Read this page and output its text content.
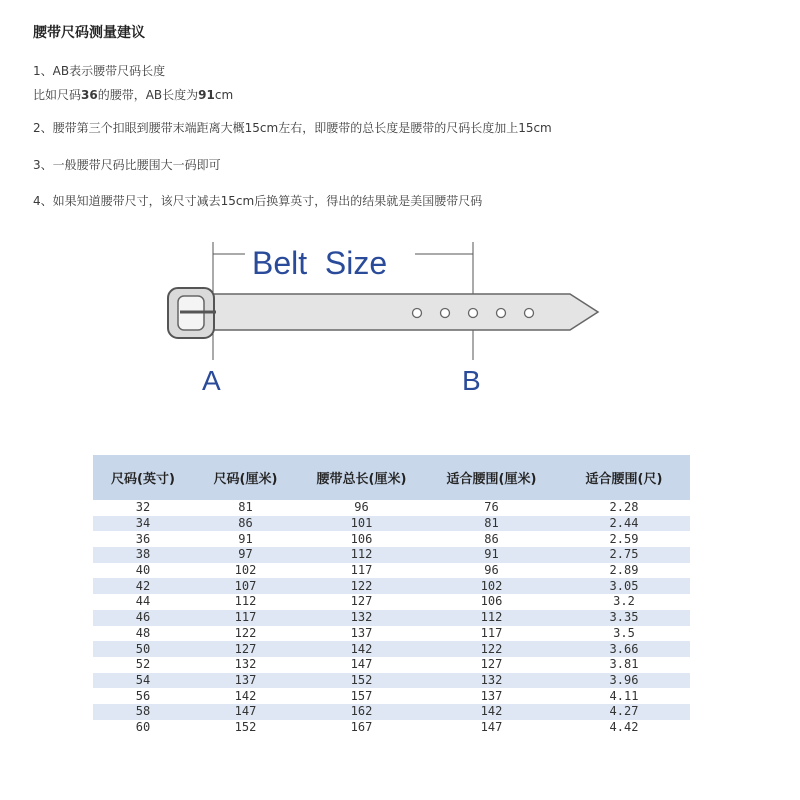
腰带尺码测量建议
1、AB表示腰带尺码长度
比如尺码36的腰带，AB长度为91cm
2、腰带第三个扣眼到腰带末端距离大概15cm左右，即腰带的总长度是腰带的尺码长度加上15cm
3、一般腰带尺码比腰围大一码即可
4、如果知道腰带尺寸，该尺寸减去15cm后换算英寸，得出的结果就是美国腰带尺码
Belt  Size
A	B
尺码(英寸)	尺码(厘米)	腰带总长(厘米)	适合腰围(厘米)	适合腰围(尺)
32	81	96	76	2.28
34	86	101	81	2.44
36	91	106	86	2.59
38	97	112	91	2.75
40	102	117	96	2.89
42	107	122	102	3.05
44	112	127	106	3.2
46	117	132	112	3.35
48	122	137	117	3.5
50	127	142	122	3.66
52	132	147	127	3.81
54	137	152	132	3.96
56	142	157	137	4.11
58	147	162	142	4.27
60	152	167	147	4.42
